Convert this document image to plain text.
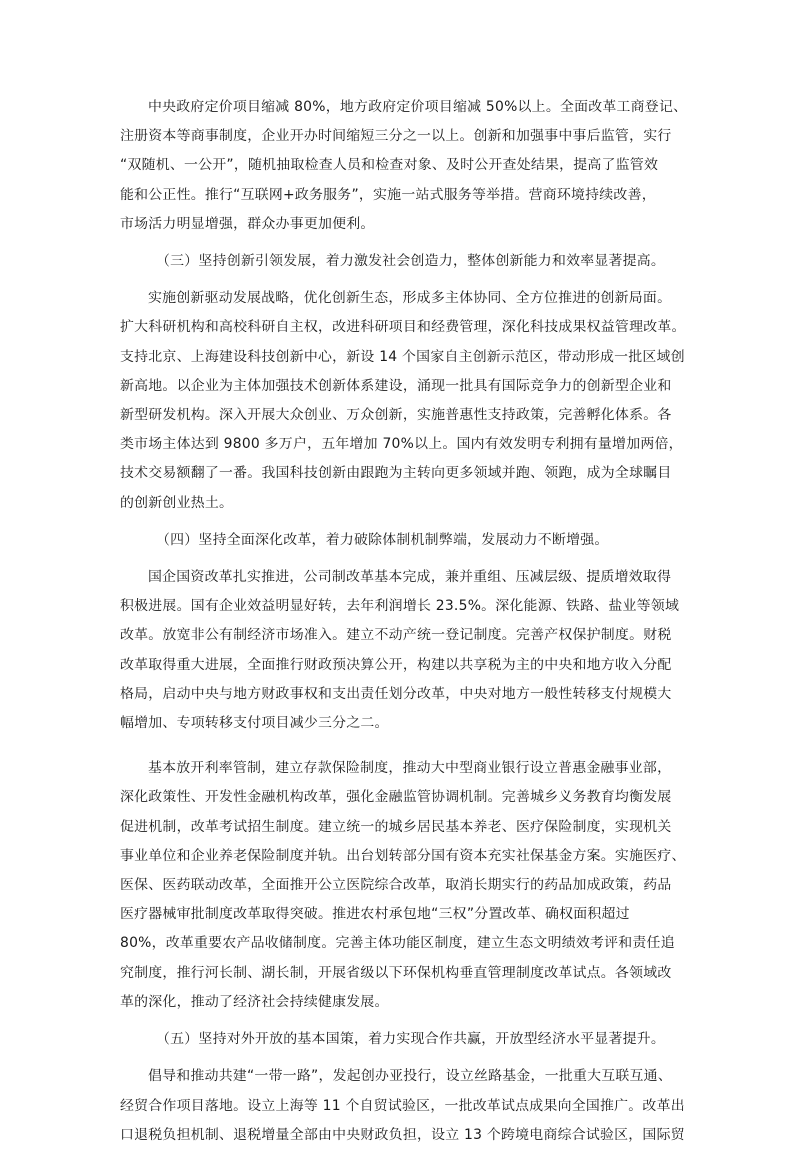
中央政府定价项目缩减 80%，地方政府定价项目缩减 50%以上。全面改革工商登记、
注册资本等商事制度，企业开办时间缩短三分之一以上。创新和加强事中事后监管，实行
“双随机、一公开”，随机抽取检查人员和检查对象、及时公开查处结果，提高了监管效
能和公正性。推行“互联网+政务服务”，实施一站式服务等举措。营商环境持续改善，
市场活力明显增强，群众办事更加便利。
（三）坚持创新引领发展，着力激发社会创造力，整体创新能力和效率显著提高。
实施创新驱动发展战略，优化创新生态，形成多主体协同、全方位推进的创新局面。
扩大科研机构和高校科研自主权，改进科研项目和经费管理，深化科技成果权益管理改革。
支持北京、上海建设科技创新中心，新设 14 个国家自主创新示范区，带动形成一批区域创
新高地。以企业为主体加强技术创新体系建设，涌现一批具有国际竞争力的创新型企业和
新型研发机构。深入开展大众创业、万众创新，实施普惠性支持政策，完善孵化体系。各
类市场主体达到 9800 多万户，五年增加 70%以上。国内有效发明专利拥有量增加两倍，
技术交易额翻了一番。我国科技创新由跟跑为主转向更多领域并跑、领跑，成为全球瞩目
的创新创业热土。
（四）坚持全面深化改革，着力破除体制机制弊端，发展动力不断增强。
国企国资改革扎实推进，公司制改革基本完成，兼并重组、压减层级、提质增效取得
积极进展。国有企业效益明显好转，去年利润增长 23.5%。深化能源、铁路、盐业等领域
改革。放宽非公有制经济市场准入。建立不动产统一登记制度。完善产权保护制度。财税
改革取得重大进展，全面推行财政预决算公开，构建以共享税为主的中央和地方收入分配
格局，启动中央与地方财政事权和支出责任划分改革，中央对地方一般性转移支付规模大
幅增加、专项转移支付项目减少三分之二。
基本放开利率管制，建立存款保险制度，推动大中型商业银行设立普惠金融事业部，
深化政策性、开发性金融机构改革，强化金融监管协调机制。完善城乡义务教育均衡发展
促进机制，改革考试招生制度。建立统一的城乡居民基本养老、医疗保险制度，实现机关
事业单位和企业养老保险制度并轨。出台划转部分国有资本充实社保基金方案。实施医疗、
医保、医药联动改革，全面推开公立医院综合改革，取消长期实行的药品加成政策，药品
医疗器械审批制度改革取得突破。推进农村承包地“三权”分置改革、确权面积超过
80%，改革重要农产品收储制度。完善主体功能区制度，建立生态文明绩效考评和责任追
究制度，推行河长制、湖长制，开展省级以下环保机构垂直管理制度改革试点。各领域改
革的深化，推动了经济社会持续健康发展。
（五）坚持对外开放的基本国策，着力实现合作共赢，开放型经济水平显著提升。
倡导和推动共建“一带一路”，发起创办亚投行，设立丝路基金，一批重大互联互通、
经贸合作项目落地。设立上海等 11 个自贸试验区，一批改革试点成果向全国推广。改革出
口退税负担机制、退税增量全部由中央财政负担，设立 13 个跨境电商综合试验区，国际贸
